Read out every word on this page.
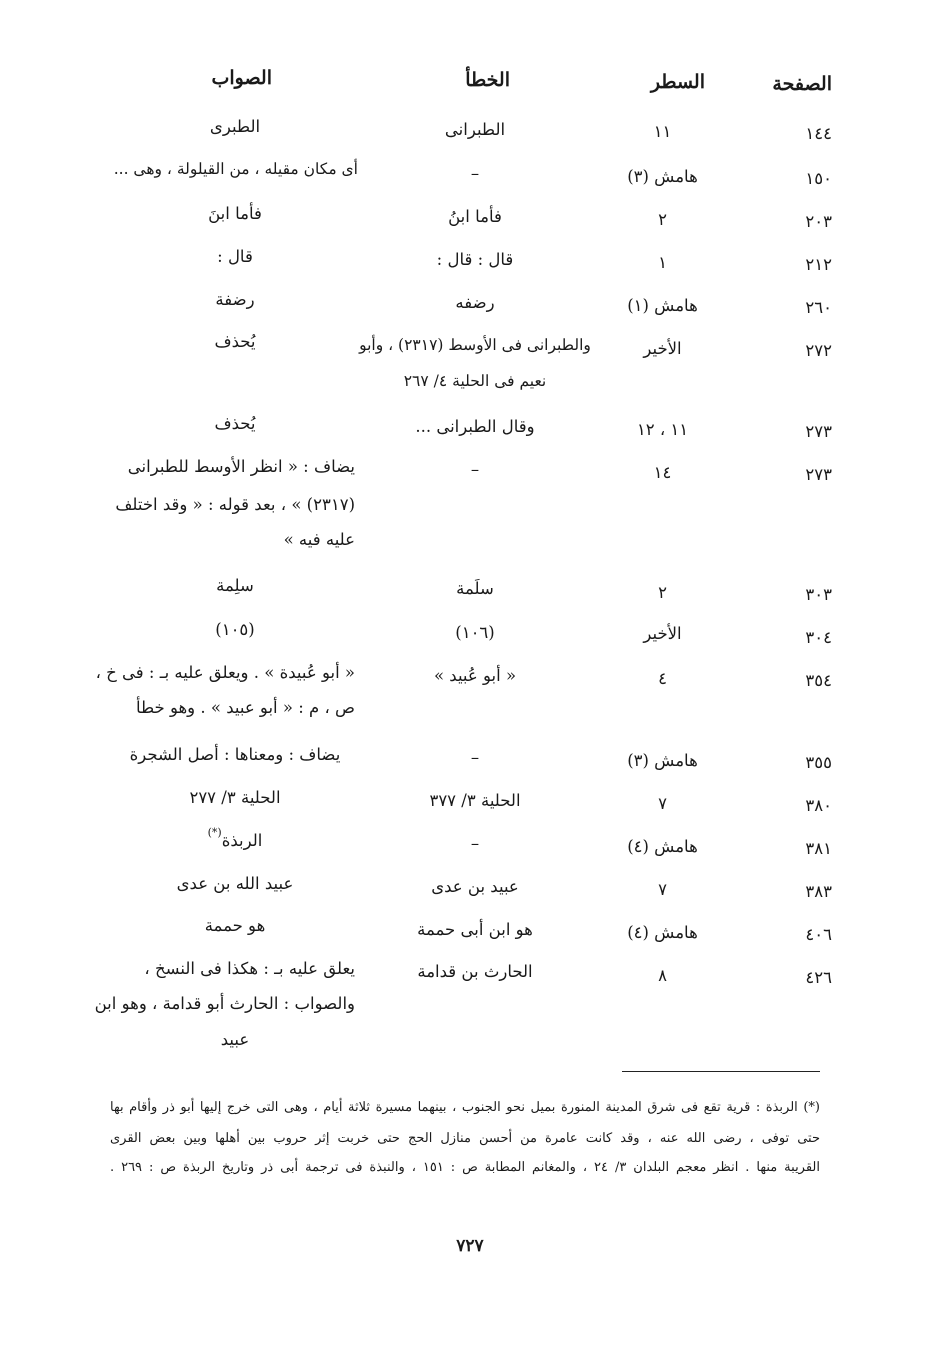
الصفحة
السطر
الخطأ
الصواب
١٤٤
١١
الطبرانى
الطبرى
١٥٠
هامش (٣)
–
أى مكان مقيله ، من القيلولة ، وهى ...
٢٠٣
٢
فأما ابنُ
فأما ابنَ
٢١٢
١
قال : قال :
قال :
٢٦٠
هامش (١)
رضفه
رضفة
٢٧٢
الأخير
والطبرانى فى الأوسط (٢٣١٧) ، وأبو
نعيم فى الحلية ٤/ ٢٦٧
يُحذف
٢٧٣
١١ ، ١٢
وقال الطبرانى ...
يُحذف
٢٧٣
١٤
–
يضاف : « انظر الأوسط للطبرانى
(٢٣١٧) » ، بعد قوله : « وقد اختلف
عليه فيه »
٣٠٣
٢
سلَمة
سلِمة
٣٠٤
الأخير
(١٠٦)
(١٠٥)
٣٥٤
٤
« أبو عُبيد »
« أبو عُبيدة » . ويعلق عليه بـ : فى خ ،
ص ، م : « أبو عبيد » . وهو خطأ
٣٥٥
هامش (٣)
–
يضاف : ومعناها : أصل الشجرة
٣٨٠
٧
الحلية ٣/ ٣٧٧
الحلية ٣/ ٢٧٧
٣٨١
هامش (٤)
–
الربذة(*)
٣٨٣
٧
عبيد بن عدى
عبيد الله بن عدى
٤٠٦
هامش (٤)
هو ابن أبى حممة
هو حممة
٤٢٦
٨
الحارث بن قدامة
يعلق عليه بـ : هكذا فى النسخ ،
والصواب : الحارث أبو قدامة ، وهو ابن
عبيد
(*) الربذة : قرية تقع فى شرق المدينة المنورة بميل نحو الجنوب ، بينهما مسيرة ثلاثة أيام ، وهى التى خرج إليها أبو ذر وأقام بها
حتى توفى ، رضى الله عنه ، وقد كانت عامرة من أحسن منازل الحج حتى خربت إثر حروب بين أهلها وبين بعض القرى
القريبة منها . انظر معجم البلدان ٣/ ٢٤ ، والمغانم المطابة ص : ١٥١ ، والنبذة فى ترجمة أبى ذر وتاريخ الربذة ص : ٢٦٩ .
٧٢٧
